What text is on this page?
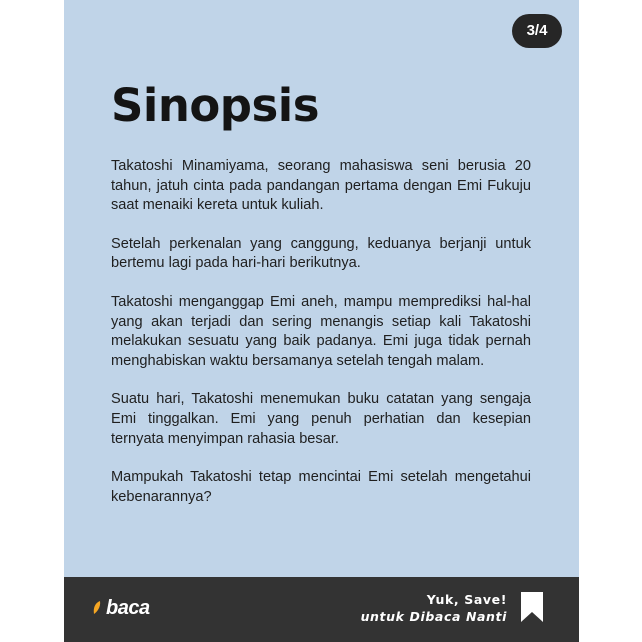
3/4
Sinopsis

Takatoshi Minamiyama, seorang mahasiswa seni berusia 20 tahun, jatuh cinta pada pandangan pertama dengan Emi Fukuju saat menaiki kereta untuk kuliah.

Setelah perkenalan yang canggung, keduanya berjanji untuk bertemu lagi pada hari-hari berikutnya.

Takatoshi menganggap Emi aneh, mampu memprediksi hal-hal yang akan terjadi dan sering menangis setiap kali Takatoshi melakukan sesuatu yang baik padanya. Emi juga tidak pernah menghabiskan waktu bersamanya setelah tengah malam.

Suatu hari, Takatoshi menemukan buku catatan yang sengaja Emi tinggalkan. Emi yang penuh perhatian dan kesepian ternyata menyimpan rahasia besar.

Mampukah Takatoshi tetap mencintai Emi setelah mengetahui kebenarannya?

baca	Yuk, Save!
untuk Dibaca Nanti
